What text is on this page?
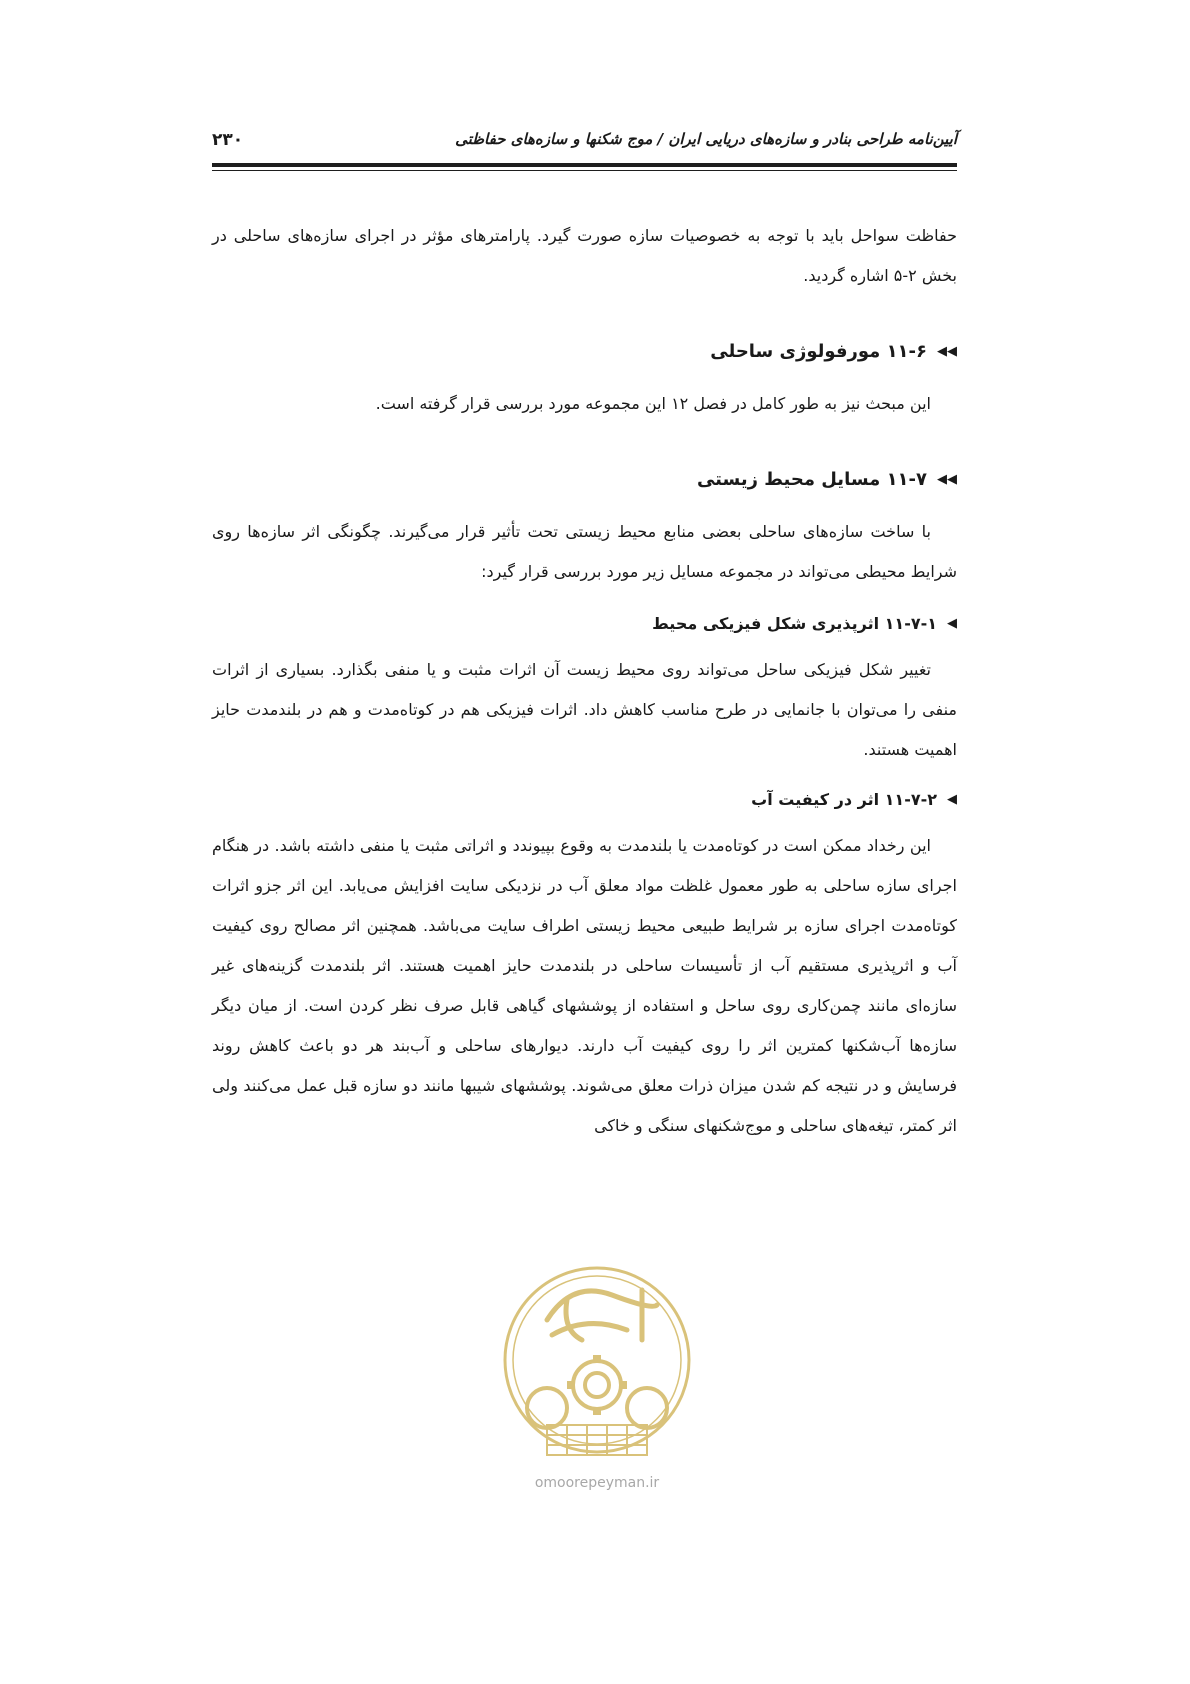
۲۳۰	آیین‌نامه طراحی بنادر و سازه‌های دریایی ایران / موج شکنها و سازه‌های حفاظتی

حفاظت سواحل باید با توجه به خصوصیات سازه صورت گیرد. پارامترهای مؤثر در اجرای سازه‌های ساحلی در بخش ۲-۵ اشاره گردید.

◀◀
۱۱-۶ مورفولوژی ساحلی

این مبحث نیز به طور کامل در فصل ۱۲ این مجموعه مورد بررسی قرار گرفته است.

◀◀
۱۱-۷ مسایل محیط زیستی

با ساخت سازه‌های ساحلی بعضی منابع محیط زیستی تحت تأثیر قرار می‌گیرند. چگونگی اثر سازه‌ها روی شرایط محیطی می‌تواند در مجموعه مسایل زیر مورد بررسی قرار گیرد:

◀
۱۱-۷-۱ اثرپذیری شکل فیزیکی محیط

تغییر شکل فیزیکی ساحل می‌تواند روی محیط زیست آن اثرات مثبت و یا منفی بگذارد. بسیاری از اثرات منفی را می‌توان با جانمایی در طرح مناسب کاهش داد. اثرات فیزیکی هم در کوتاه‌مدت و هم در بلندمدت حایز اهمیت هستند.

◀
۱۱-۷-۲ اثر در کیفیت آب

این رخداد ممکن است در کوتاه‌مدت یا بلندمدت به وقوع بپیوندد و اثراتی مثبت یا منفی داشته باشد. در هنگام اجرای سازه ساحلی به طور معمول غلظت مواد معلق آب در نزدیکی سایت افزایش می‌یابد. این اثر جزو اثرات کوتاه‌مدت اجرای سازه بر شرایط طبیعی محیط زیستی اطراف سایت می‌باشد. همچنین اثر مصالح روی کیفیت آب و اثرپذیری مستقیم آب از تأسیسات ساحلی در بلندمدت حایز اهمیت هستند. اثر بلندمدت گزینه‌های غیر سازه‌ای مانند چمن‌کاری روی ساحل و استفاده از پوششهای گیاهی قابل صرف نظر کردن است. از میان دیگر سازه‌ها آب‌شکنها کمترین اثر را روی کیفیت آب دارند. دیوارهای ساحلی و آب‌بند هر دو باعث کاهش روند فرسایش و در نتیجه کم شدن میزان ذرات معلق می‌شوند. پوششهای شیبها مانند دو سازه قبل عمل می‌کنند ولی اثر کمتر، تیغه‌های ساحلی و موج‌شکنهای سنگی و خاکی

omoorepeyman.ir
